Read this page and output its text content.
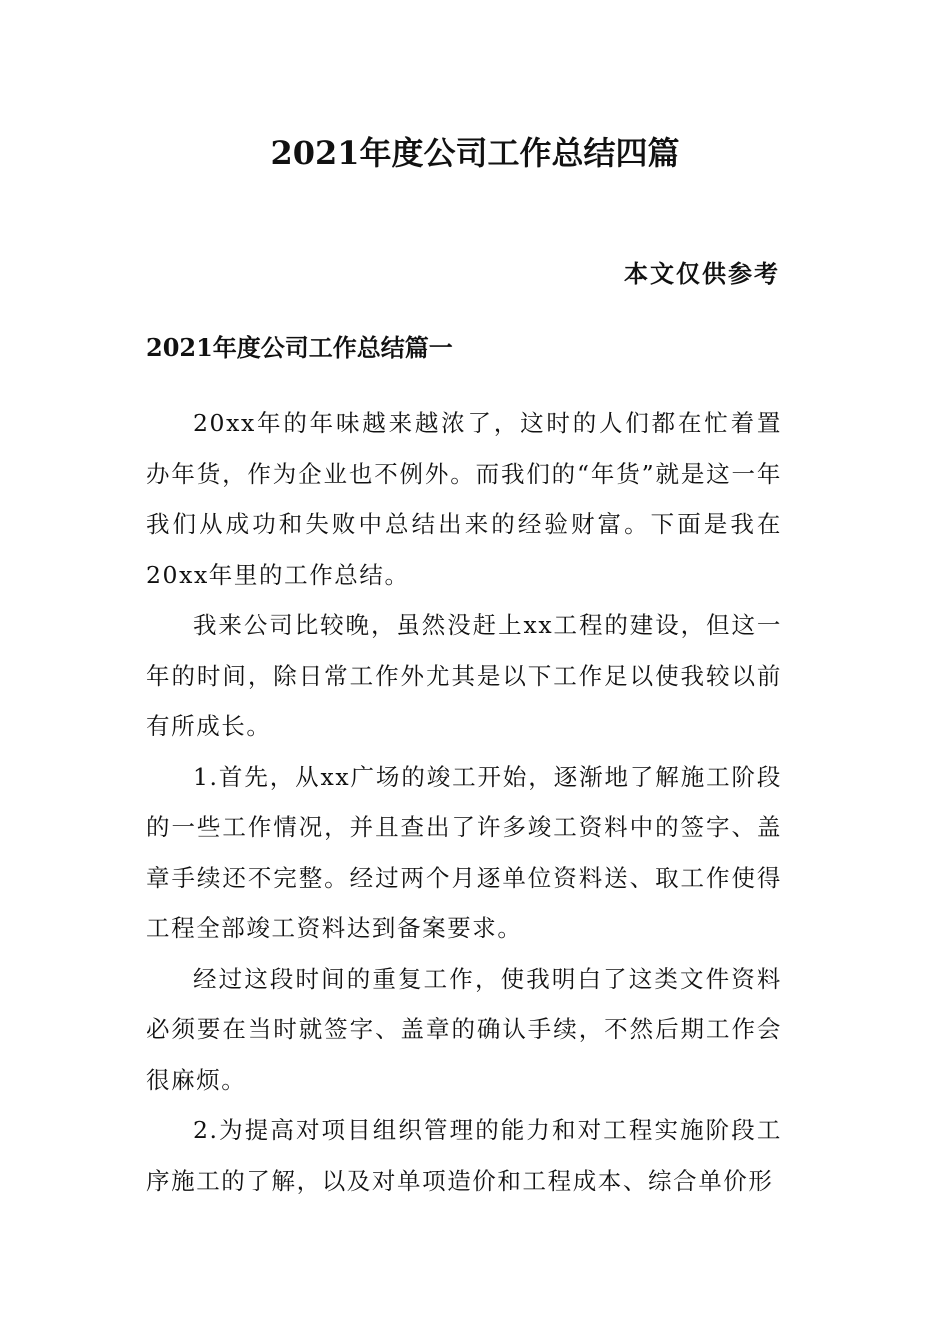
2021年度公司工作总结四篇
本文仅供参考
2021年度公司工作总结篇一

20xx年的年味越来越浓了，这时的人们都在忙着置办年货，作为企业也不例外。而我们的“年货”就是这一年我们从成功和失败中总结出来的经验财富。下面是我在20xx年里的工作总结。

我来公司比较晚，虽然没赶上xx工程的建设，但这一年的时间，除日常工作外尤其是以下工作足以使我较以前有所成长。

1.首先，从xx广场的竣工开始，逐渐地了解施工阶段的一些工作情况，并且查出了许多竣工资料中的签字、盖章手续还不完整。经过两个月逐单位资料送、取工作使得工程全部竣工资料达到备案要求。

经过这段时间的重复工作，使我明白了这类文件资料必须要在当时就签字、盖章的确认手续，不然后期工作会很麻烦。

2.为提高对项目组织管理的能力和对工程实施阶段工序施工的了解，以及对单项造价和工程成本、综合单价形
